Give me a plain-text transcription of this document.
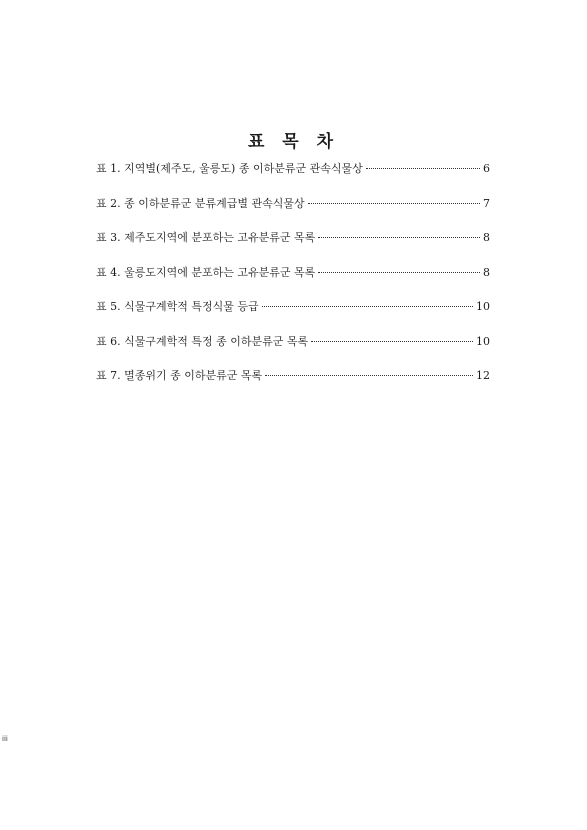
표 목 차
표 1. 지역별(제주도, 울릉도) 종 이하분류군 관속식물상	6
표 2. 종 이하분류군 분류계급별 관속식물상	7
표 3. 제주도지역에 분포하는 고유분류군 목록	8
표 4. 울릉도지역에 분포하는 고유분류군 목록	8
표 5. 식물구계학적 특정식물 등급	10
표 6. 식물구계학적 특정 종 이하분류군 목록	10
표 7. 멸종위기 종 이하분류군 목록	12
iii
